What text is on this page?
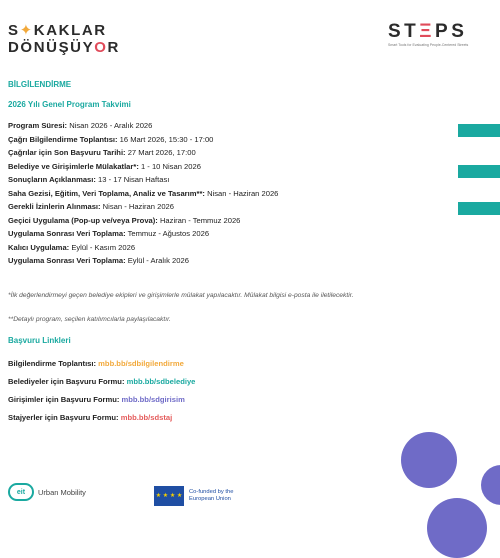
S✦KAKLAR
DÖNÜŞÜYOR
STΞPS
Smart Tools for Evaluating People-Centered Streets
BİLGİLENDİRME
2026 Yılı Genel Program Takvimi
Program Süresi: Nisan 2026 - Aralık 2026
Çağrı Bilgilendirme Toplantısı: 16 Mart 2026, 15:30 - 17:00
Çağrılar için Son Başvuru Tarihi: 27 Mart 2026, 17:00
Belediye ve Girişimlerle Mülakatlar*: 1 - 10 Nisan 2026
Sonuçların Açıklanması: 13 - 17 Nisan Haftası
Saha Gezisi, Eğitim, Veri Toplama, Analiz ve Tasarım**: Nisan - Haziran 2026
Gerekli İzinlerin Alınması: Nisan - Haziran 2026
Geçici Uygulama (Pop-up ve/veya Prova): Haziran - Temmuz 2026
Uygulama Sonrası Veri Toplama: Temmuz - Ağustos 2026
Kalıcı Uygulama: Eylül - Kasım 2026
Uygulama Sonrası Veri Toplama: Eylül - Aralık 2026
*İlk değerlendirmeyi geçen belediye ekipleri ve girişimlerle mülakat yapılacaktır. Mülakat bilgisi e-posta ile iletilecektir.
**Detaylı program, seçilen katılımcılarla paylaşılacaktır.
Başvuru Linkleri
Bilgilendirme Toplantısı: mbb.bb/sdbilgilendirme
Belediyeler için Başvuru Formu: mbb.bb/sdbelediye
Girişimler için Başvuru Formu: mbb.bb/sdgirisim
Stajyerler için Başvuru Formu: mbb.bb/sdstaj
eit	Urban Mobility	★ ★ ★ ★
Co-funded by the
European Union
